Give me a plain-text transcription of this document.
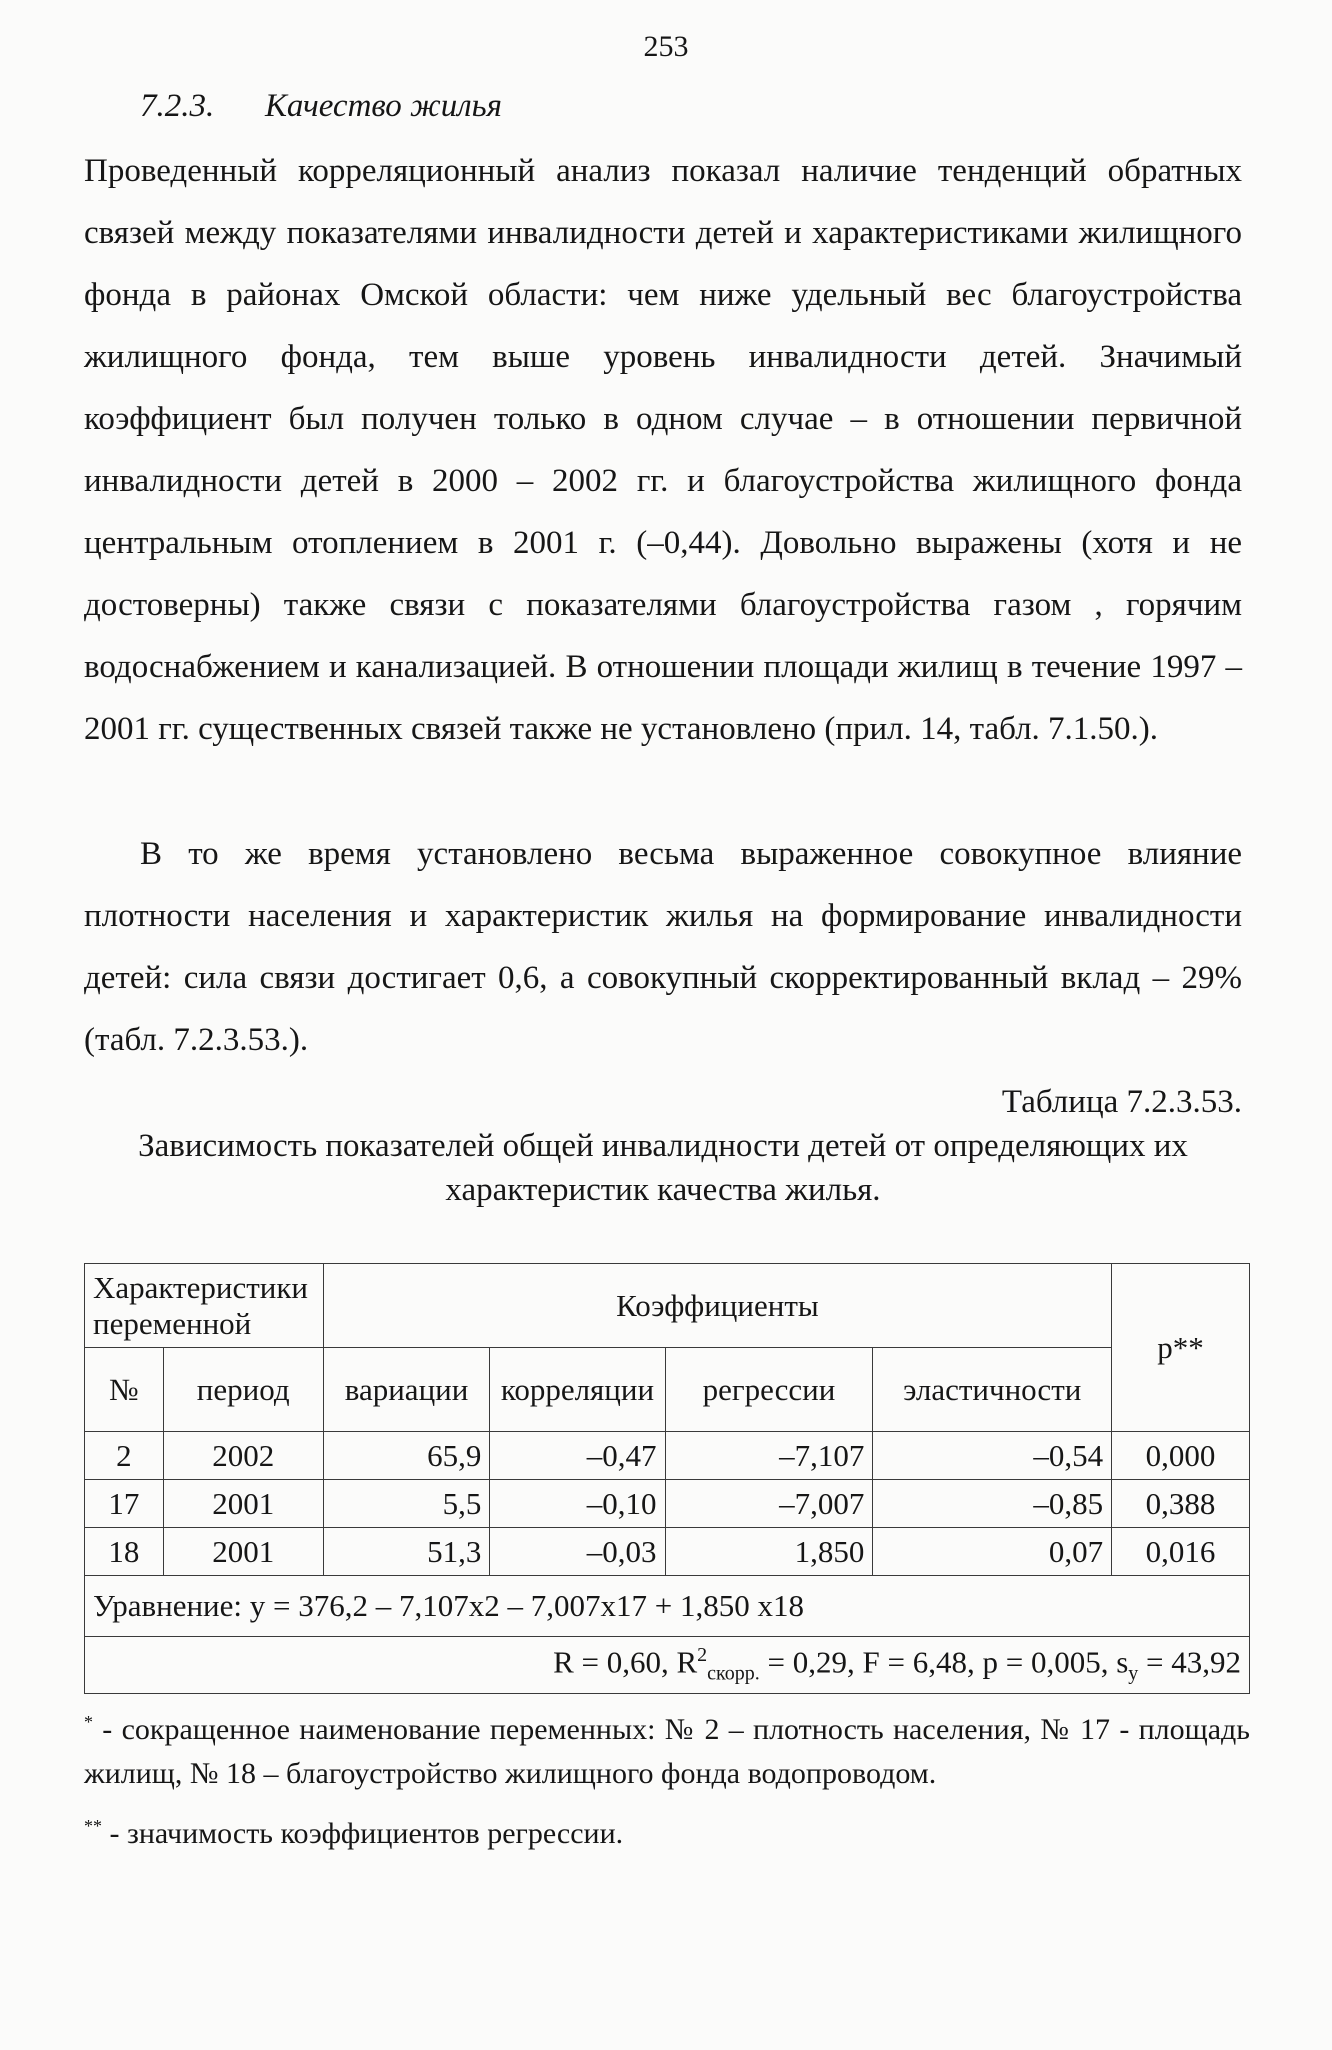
253
7.2.3. Качество жилья

Проведенный корреляционный анализ показал наличие тенденций обратных связей между показателями инвалидности детей и характеристиками жилищного фонда в районах Омской области: чем ниже удельный вес благоустройства жилищного фонда, тем выше уровень инвалидности детей. Значимый коэффициент был получен только в одном случае – в отношении первичной инвалидности детей в 2000 – 2002 гг. и благоустройства жилищного фонда центральным отоплением в 2001 г. (–0,44). Довольно выражены (хотя и не достоверны) также связи с показателями благоустройства газом , горячим водоснабжением и канализацией. В отношении площади жилищ в течение 1997 – 2001 гг. существенных связей также не установлено (прил. 14, табл. 7.1.50.).

В то же время установлено весьма выраженное совокупное влияние плотности населения и характеристик жилья на формирование инвалидности детей: сила связи достигает 0,6, а совокупный скорректированный вклад – 29% (табл. 7.2.3.53.).

Таблица 7.2.3.53.
Зависимость показателей общей инвалидности детей от определяющих их
характеристик качества жилья.
Характеристики переменной		Коэффициенты				р**
№	период	вариации	корреляции	регрессии	эластичности	
2	2002	65,9	–0,47	–7,107	–0,54	0,000
17	2001	5,5	–0,10	–7,007	–0,85	0,388
18	2001	51,3	–0,03	1,850	0,07	0,016
Уравнение: у = 376,2 – 7,107х2 – 7,007х17 + 1,850 х18						
R = 0,60, $R^2_{скорр.} = 0,29$, F = 6,48, р = 0,005, $s_у = 43,92$						

* - сокращенное наименование переменных: № 2 – плотность населения, № 17 - площадь жилищ, № 18 – благоустройство жилищного фонда водопроводом.

** - значимость коэффициентов регрессии.
